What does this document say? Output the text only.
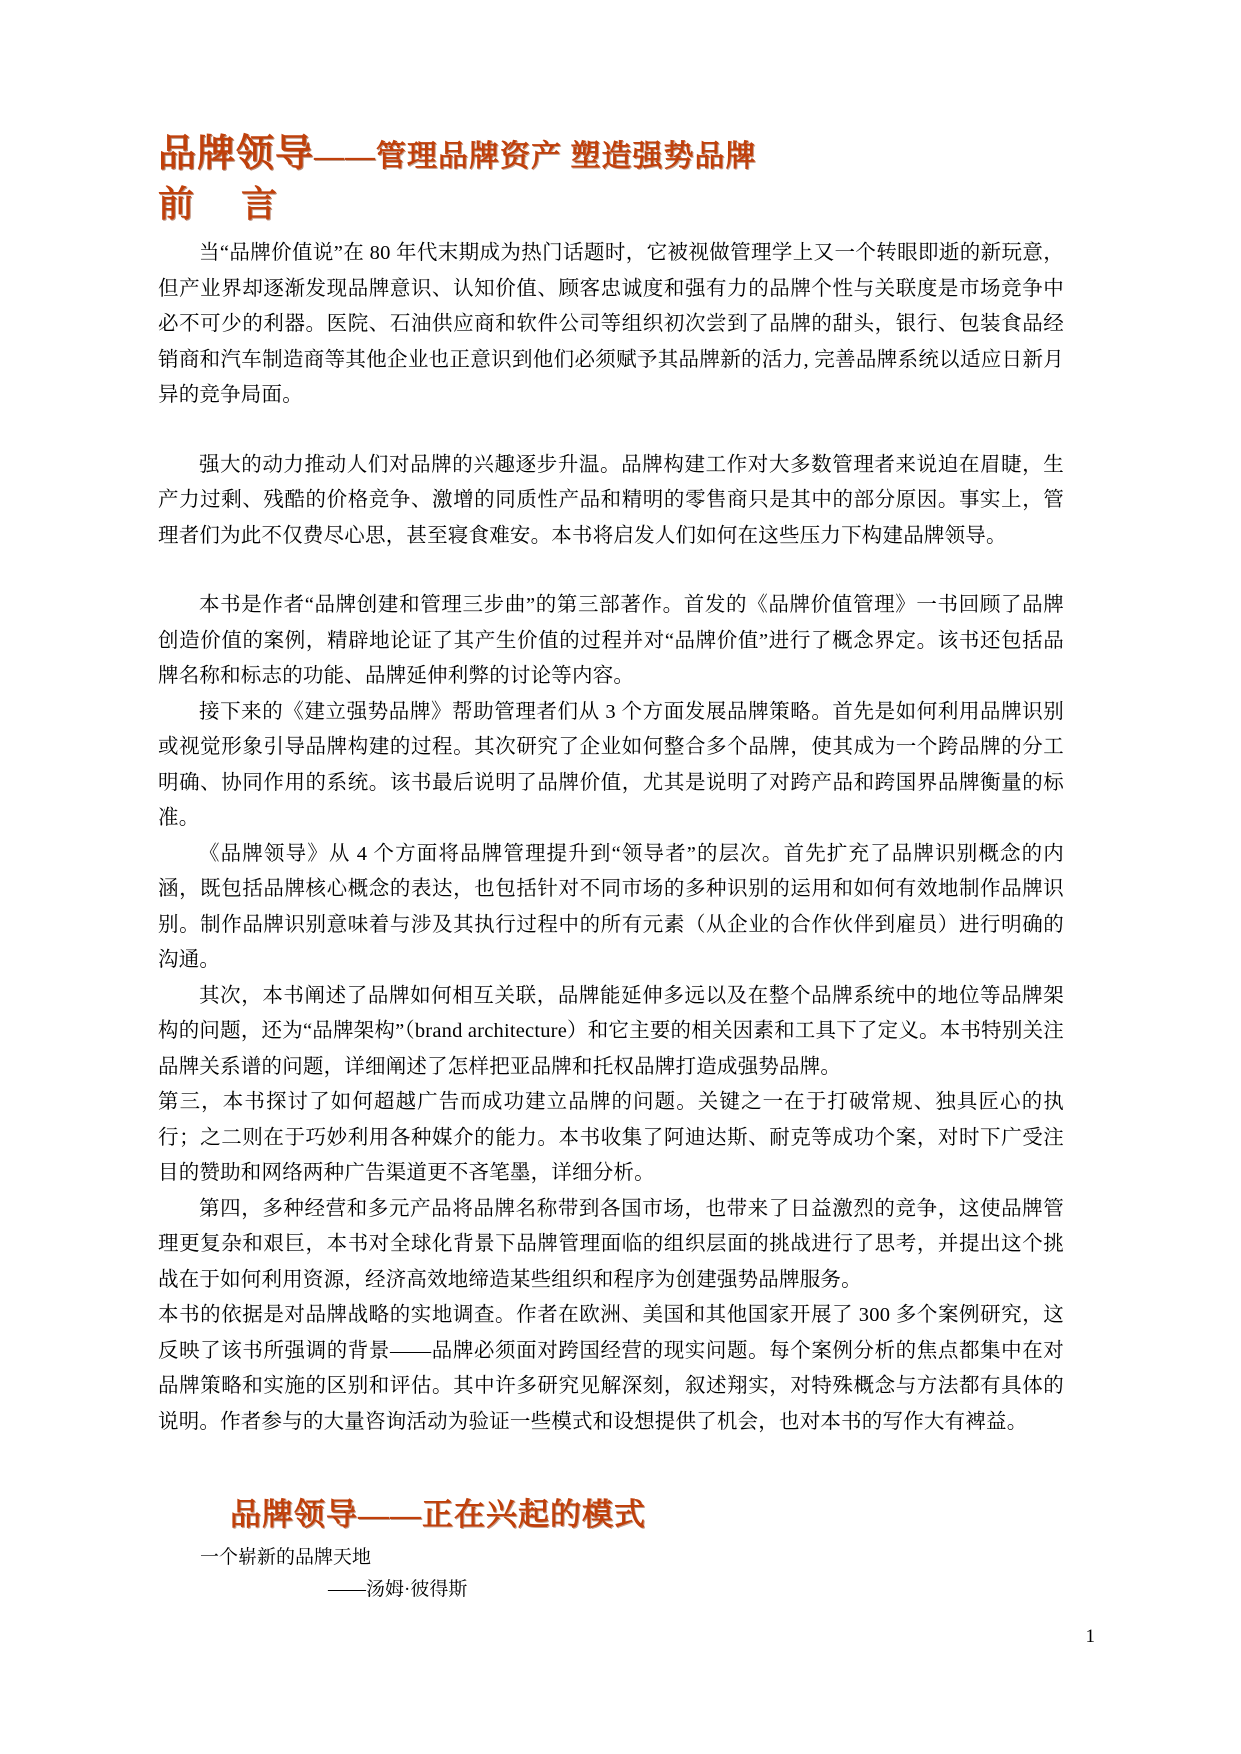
品牌领导——管理品牌资产 塑造强势品牌
前 言

当“品牌价值说”在 80 年代末期成为热门话题时，它被视做管理学上又一个转眼即逝的新玩意，但产业界却逐渐发现品牌意识、认知价值、顾客忠诚度和强有力的品牌个性与关联度是市场竞争中必不可少的利器。医院、石油供应商和软件公司等组织初次尝到了品牌的甜头，银行、包装食品经销商和汽车制造商等其他企业也正意识到他们必须赋予其品牌新的活力, 完善品牌系统以适应日新月异的竞争局面。

强大的动力推动人们对品牌的兴趣逐步升温。品牌构建工作对大多数管理者来说迫在眉睫，生产力过剩、残酷的价格竞争、激增的同质性产品和精明的零售商只是其中的部分原因。事实上，管理者们为此不仅费尽心思，甚至寝食难安。本书将启发人们如何在这些压力下构建品牌领导。

本书是作者“品牌创建和管理三步曲”的第三部著作。首发的《品牌价值管理》一书回顾了品牌创造价值的案例，精辟地论证了其产生价值的过程并对“品牌价值”进行了概念界定。该书还包括品牌名称和标志的功能、品牌延伸利弊的讨论等内容。

接下来的《建立强势品牌》帮助管理者们从 3 个方面发展品牌策略。首先是如何利用品牌识别或视觉形象引导品牌构建的过程。其次研究了企业如何整合多个品牌，使其成为一个跨品牌的分工明确、协同作用的系统。该书最后说明了品牌价值，尤其是说明了对跨产品和跨国界品牌衡量的标准。

《品牌领导》从 4 个方面将品牌管理提升到“领导者”的层次。首先扩充了品牌识别概念的内涵，既包括品牌核心概念的表达，也包括针对不同市场的多种识别的运用和如何有效地制作品牌识别。制作品牌识别意味着与涉及其执行过程中的所有元素（从企业的合作伙伴到雇员）进行明确的沟通。

其次，本书阐述了品牌如何相互关联，品牌能延伸多远以及在整个品牌系统中的地位等品牌架构的问题，还为“品牌架构”（brand architecture）和它主要的相关因素和工具下了定义。本书特别关注品牌关系谱的问题，详细阐述了怎样把亚品牌和托权品牌打造成强势品牌。

第三，本书探讨了如何超越广告而成功建立品牌的问题。关键之一在于打破常规、独具匠心的执行；之二则在于巧妙利用各种媒介的能力。本书收集了阿迪达斯、耐克等成功个案，对时下广受注目的赞助和网络两种广告渠道更不吝笔墨，详细分析。

第四，多种经营和多元产品将品牌名称带到各国市场，也带来了日益激烈的竞争，这使品牌管理更复杂和艰巨，本书对全球化背景下品牌管理面临的组织层面的挑战进行了思考，并提出这个挑战在于如何利用资源，经济高效地缔造某些组织和程序为创建强势品牌服务。

本书的依据是对品牌战略的实地调查。作者在欧洲、美国和其他国家开展了 300 多个案例研究，这反映了该书所强调的背景——品牌必须面对跨国经营的现实问题。每个案例分析的焦点都集中在对品牌策略和实施的区别和评估。其中许多研究见解深刻，叙述翔实，对特殊概念与方法都有具体的说明。作者参与的大量咨询活动为验证一些模式和设想提供了机会，也对本书的写作大有裨益。

品牌领导——正在兴起的模式

一个崭新的品牌天地

——汤姆·彼得斯

1
